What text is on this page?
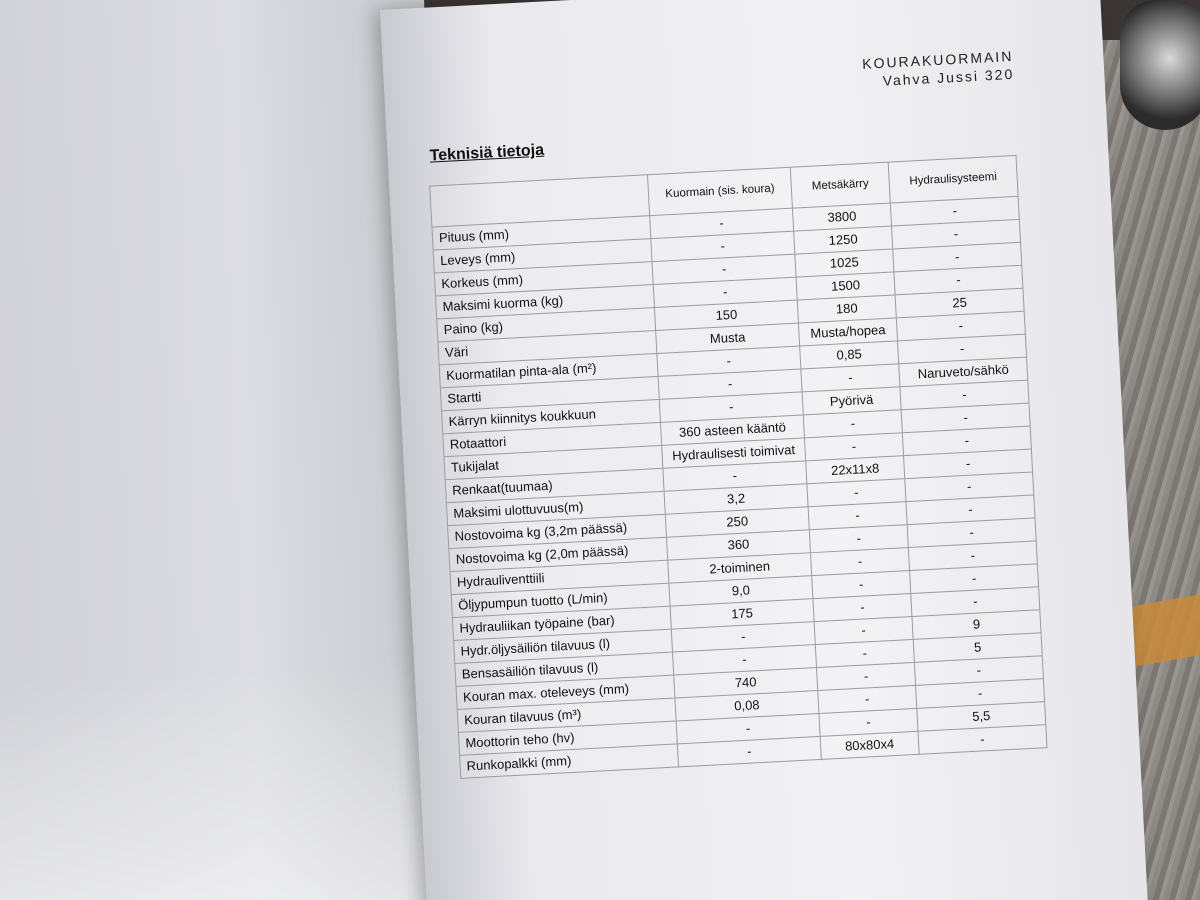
KOURAKUORMAIN
Vahva Jussi 320
Teknisiä tietoja
	Kuormain (sis. koura)	Metsäkärry	Hydraulisysteemi
Pituus (mm)	-	3800	-
Leveys (mm)	-	1250	-
Korkeus (mm)	-	1025	-
Maksimi kuorma (kg)	-	1500	-
Paino (kg)	150	180	25
Väri	Musta	Musta/hopea	-
Kuormatilan pinta-ala (m²)	-	0,85	-
Startti	-	-	Naruveto/sähkö
Kärryn kiinnitys koukkuun	-	Pyörivä	-
Rotaattori	360 asteen kääntö	-	-
Tukijalat	Hydraulisesti toimivat	-	-
Renkaat(tuumaa)	-	22x11x8	-
Maksimi ulottuvuus(m)	3,2	-	-
Nostovoima kg (3,2m päässä)	250	-	-
Nostovoima kg (2,0m päässä)	360	-	-
Hydrauliventtiili	2-toiminen	-	-
Öljypumpun tuotto (L/min)	9,0	-	-
Hydrauliikan työpaine (bar)	175	-	-
Hydr.öljysäiliön tilavuus (l)	-	-	9
Bensasäiliön tilavuus (l)	-	-	5
Kouran max. oteleveys (mm)	740	-	-
Kouran tilavuus (m³)	0,08	-	-
Moottorin teho (hv)	-	-	5,5
Runkopalkki (mm)	-	80x80x4	-
